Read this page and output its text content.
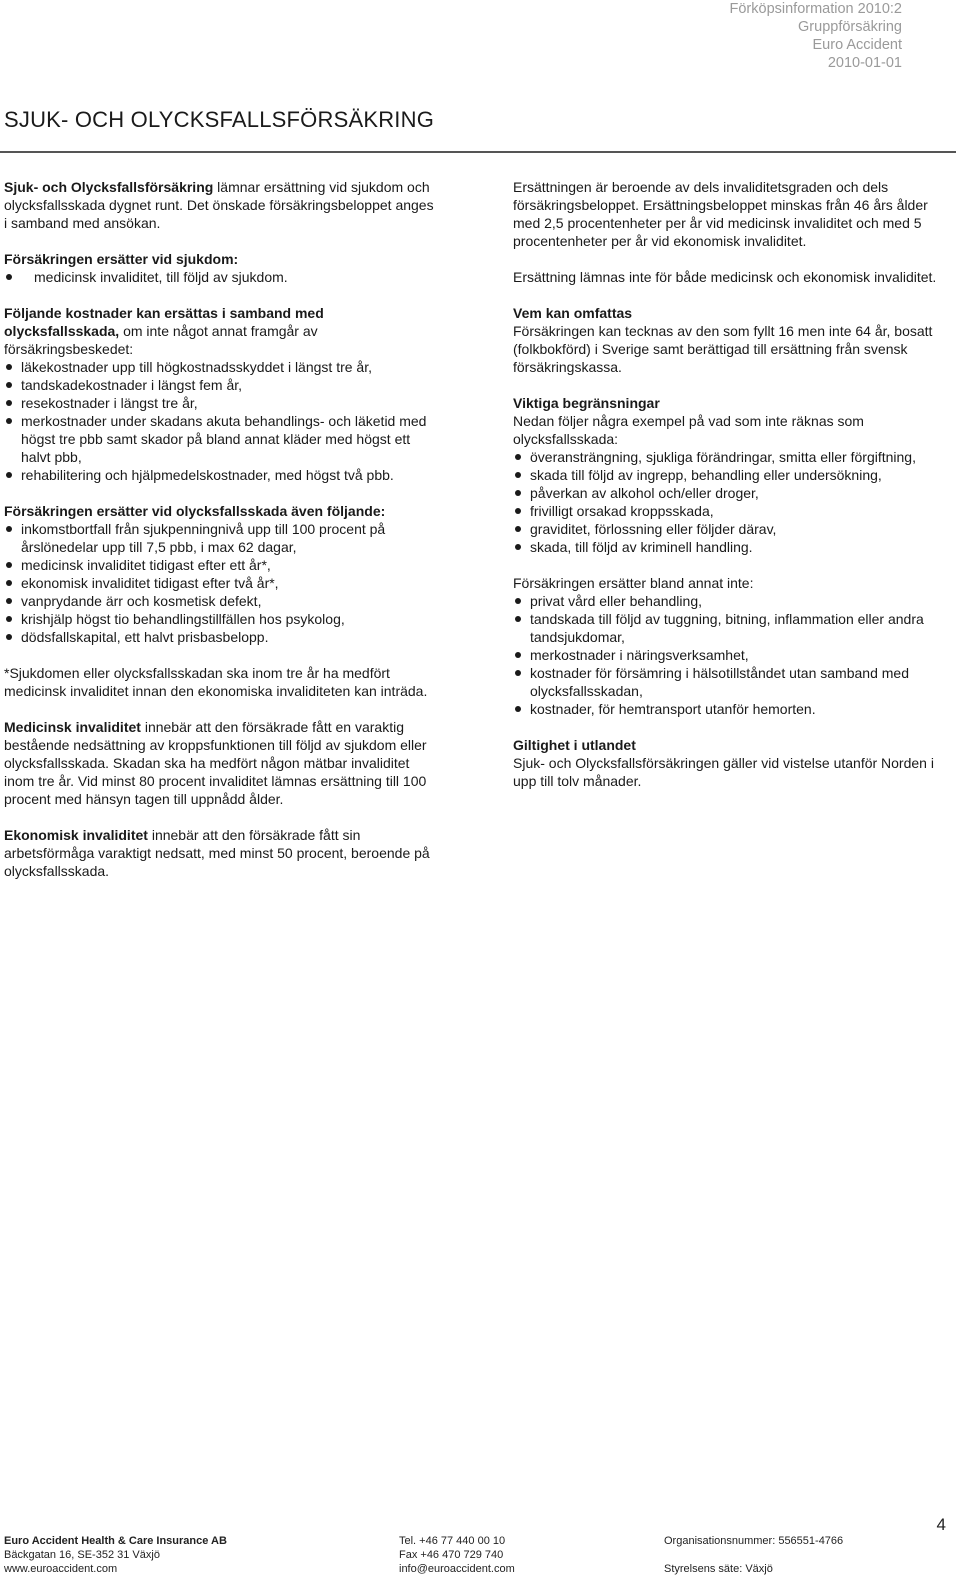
Förköpsinformation 2010:2
Gruppförsäkring
Euro Accident
2010-01-01
SJUK- OCH OLYCKSFALLSFÖRSÄKRING

Sjuk- och Olycksfallsförsäkring lämnar ersättning vid sjukdom och olycksfallsskada dygnet runt. Det önskade försäkringsbeloppet anges i samband med ansökan.

Försäkringen ersätter vid sjukdom:
medicinsk invaliditet, till följd av sjukdom.
Följande kostnader kan ersättas i samband med olycksfallsskada, om inte något annat framgår av försäkringsbeskedet:
läkekostnader upp till högkostnadsskyddet i längst tre år,
tandskadekostnader i längst fem år,
resekostnader i längst tre år,
merkostnader under skadans akuta behandlings- och läketid med högst tre pbb samt skador på bland annat kläder med högst ett halvt pbb,
rehabilitering och hjälpmedelskostnader, med högst två pbb.
Försäkringen ersätter vid olycksfallsskada även följande:
inkomstbortfall från sjukpenningnivå upp till 100 procent på årslönedelar upp till 7,5 pbb, i max 62 dagar,
medicinsk invaliditet tidigast efter ett år*,
ekonomisk invaliditet tidigast efter två år*,
vanprydande ärr och kosmetisk defekt,
krishjälp högst tio behandlingstillfällen hos psykolog,
dödsfallskapital, ett halvt prisbasbelopp.

*Sjukdomen eller olycksfallsskadan ska inom tre år ha medfört medicinsk invaliditet innan den ekonomiska invaliditeten kan inträda.

Medicinsk invaliditet innebär att den försäkrade fått en varaktig bestående nedsättning av kroppsfunktionen till följd av sjukdom eller olycksfallsskada. Skadan ska ha medfört någon mätbar invaliditet inom tre år. Vid minst 80 procent invaliditet lämnas ersättning till 100 procent med hänsyn tagen till uppnådd ålder.

Ekonomisk invaliditet innebär att den försäkrade fått sin arbetsförmåga varaktigt nedsatt, med minst 50 procent, beroende på olycksfallsskada.

Ersättningen är beroende av dels invaliditetsgraden och dels försäkringsbeloppet. Ersättningsbeloppet minskas från 46 års ålder med 2,5 procentenheter per år vid medicinsk invaliditet och med 5 procentenheter per år vid ekonomisk invaliditet.

Ersättning lämnas inte för både medicinsk och ekonomisk invaliditet.

Vem kan omfattas
Försäkringen kan tecknas av den som fyllt 16 men inte 64 år, bosatt (folkbokförd) i Sverige samt berättigad till ersättning från svensk försäkringskassa.

Viktiga begränsningar
Nedan följer några exempel på vad som inte räknas som olycksfallsskada:
överansträngning, sjukliga förändringar, smitta eller förgiftning,
skada till följd av ingrepp, behandling eller undersökning,
påverkan av alkohol och/eller droger,
frivilligt orsakad kroppsskada,
graviditet, förlossning eller följder därav,
skada, till följd av kriminell handling.
Försäkringen ersätter bland annat inte:
privat vård eller behandling,
tandskada till följd av tuggning, bitning, inflammation eller andra tandsjukdomar,
merkostnader i näringsverksamhet,
kostnader för försämring i hälsotillståndet utan samband med olycksfallsskadan,
kostnader, för hemtransport utanför hemorten.

Giltighet i utlandet
Sjuk- och Olycksfallsförsäkringen gäller vid vistelse utanför Norden i upp till tolv månader.

4
Euro Accident Health & Care Insurance AB
Bäckgatan 16, SE-352 31 Växjö
www.euroaccident.com
Tel. +46 77 440 00 10
Fax +46 470 729 740
info@euroaccident.com
Organisationsnummer: 556551-4766

Styrelsens säte: Växjö
